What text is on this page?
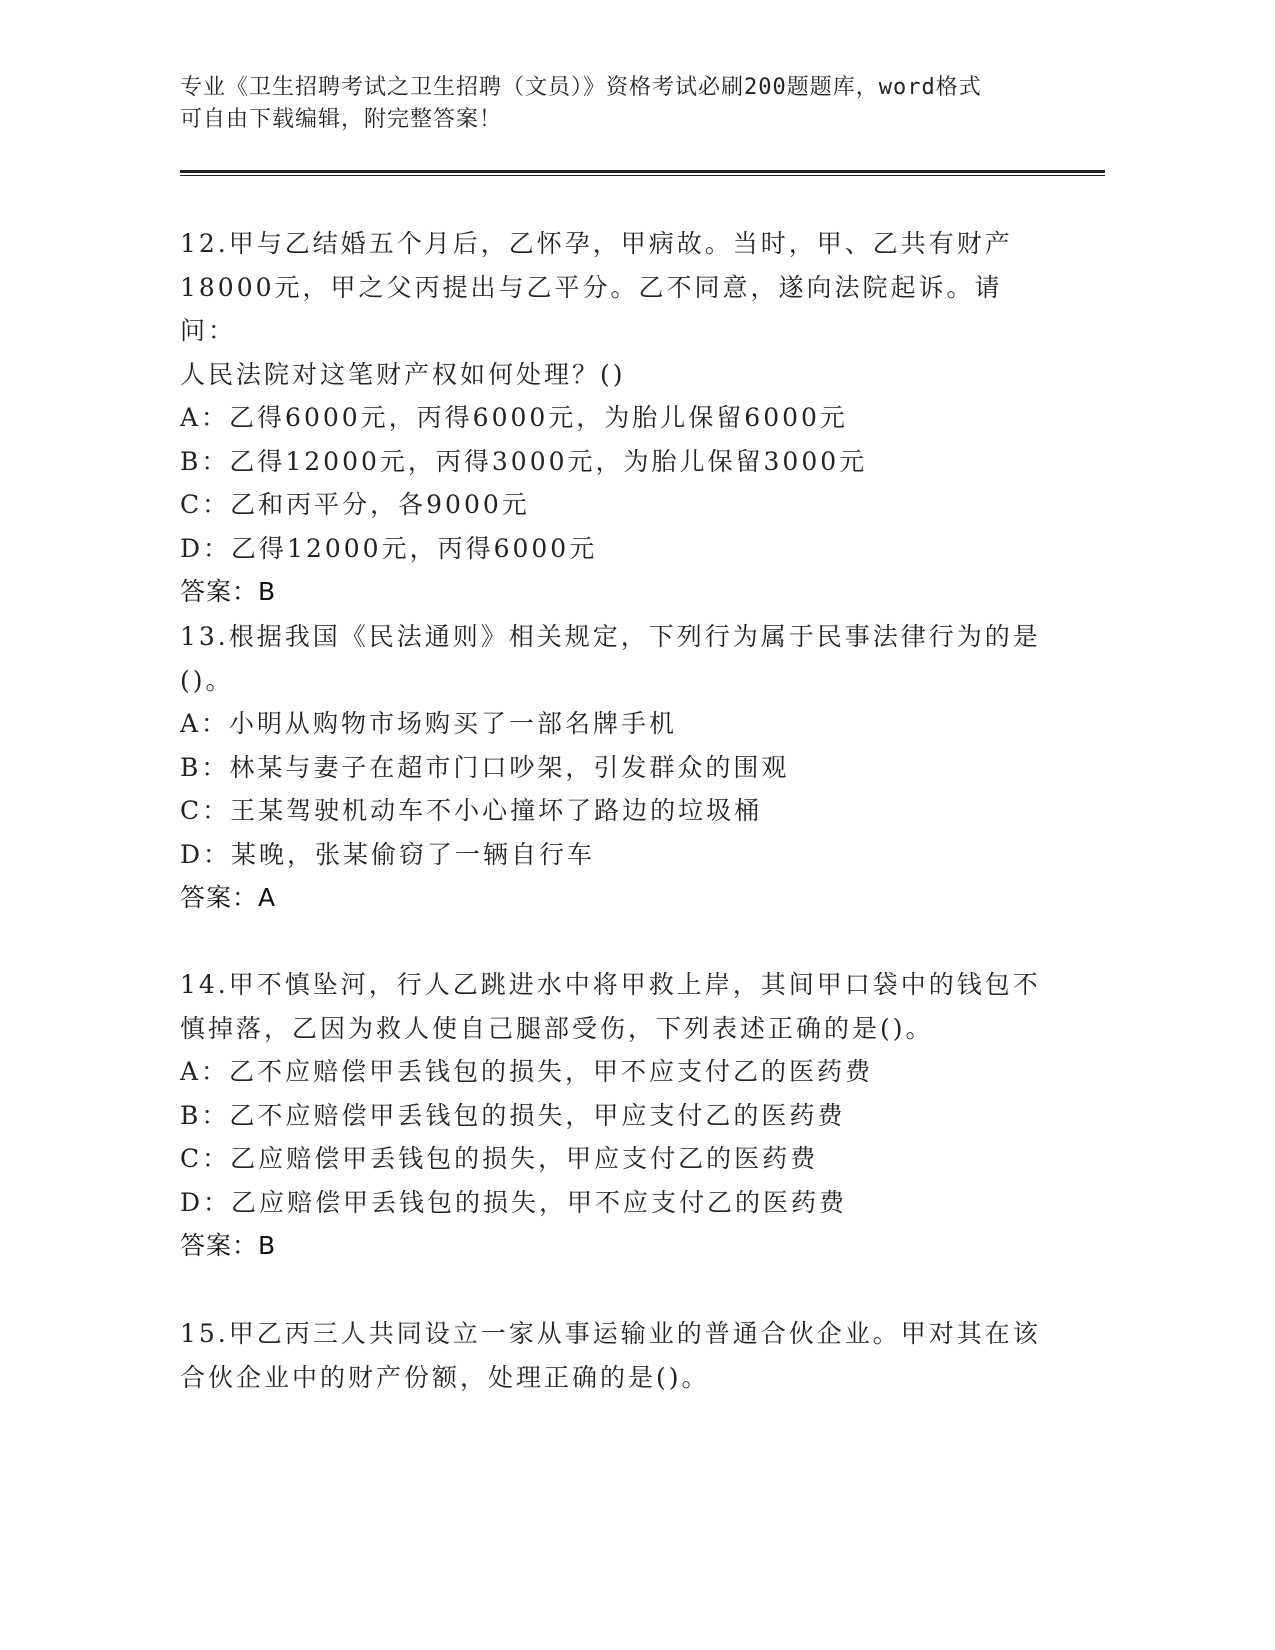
专业《卫生招聘考试之卫生招聘（文员）》资格考试必刷200题题库，word格式
可自由下载编辑，附完整答案！
12.甲与乙结婚五个月后，乙怀孕，甲病故。当时，甲、乙共有财产
18000元，甲之父丙提出与乙平分。乙不同意，遂向法院起诉。请问：
人民法院对这笔财产权如何处理？()
A：乙得6000元，丙得6000元，为胎儿保留6000元
B：乙得12000元，丙得3000元，为胎儿保留3000元
C：乙和丙平分，各9000元
D：乙得12000元，丙得6000元
答案：B
13.根据我国《民法通则》相关规定，下列行为属于民事法律行为的是
()。
A：小明从购物市场购买了一部名牌手机
B：林某与妻子在超市门口吵架，引发群众的围观
C：王某驾驶机动车不小心撞坏了路边的垃圾桶
D：某晚，张某偷窃了一辆自行车
答案：A
14.甲不慎坠河，行人乙跳进水中将甲救上岸，其间甲口袋中的钱包不
慎掉落，乙因为救人使自己腿部受伤，下列表述正确的是()。
A：乙不应赔偿甲丢钱包的损失，甲不应支付乙的医药费
B：乙不应赔偿甲丢钱包的损失，甲应支付乙的医药费
C：乙应赔偿甲丢钱包的损失，甲应支付乙的医药费
D：乙应赔偿甲丢钱包的损失，甲不应支付乙的医药费
答案：B
15.甲乙丙三人共同设立一家从事运输业的普通合伙企业。甲对其在该
合伙企业中的财产份额，处理正确的是()。
